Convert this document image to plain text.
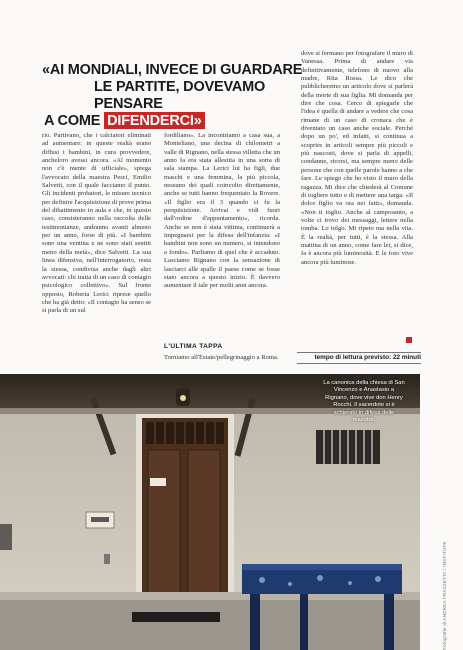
«AI MONDIALI, INVECE DI GUARDARE
LE PARTITE, DOVEVAMO PENSARE
A COME DIFENDERCI»

rio. Partivano, che i calciatori eliminati ad aumentare: in queste realtà erano diffusi i bambini, in cura provvedere, ancheloro avessi ancora. «Al momento non c'è niente di ufficiale», spiega l'avvocato della maestra Pesci, Emilio Salvetti, con il quale facciamo il punto. Gli incidenti probatori, le misure tecnico per definire l'acquisizione di prove prima del dibattimento in aula e che, in questo caso, consisteranno nella raccolta delle testimonianze, andranno avanti almeno per un anno, forse di più. «I bambini sono una ventina e ne sono stati sentiti meno della metà», dice Salvetti. La sua linea difensiva, nell'interrogatorio, resta la stessa, condivisa anche dagli altri avvocati: chi tratta di un caso di contagio psicologico collettivo». Sul fronte opposto, Roberta Lerici riprese quello che ha già detto: «Il contagio ha senso se si parla di un sul

fordiliano». La incontriamo a casa sua, a Monteliano, una decina di chilometri a valle di Rignano, nella stessa villetta che un anno fa era stata allestita in una sorta di sala stampa. La Lerici lui ha figli, due maschi e una femmina, la più piccola, nessuno dei quali coinvolto direttamente, anche se tutti hanno frequentato la Rovere. «Il figlio era il 3 quando ci fu la perquisizione. Arrivai e vidi fuori dall'ordine d'appuntamento», ricorda. Anche se non è stata vittima, continuerà a impegnarsi per la difesa dell'infanzia: «I bambini non sono un numero, si intendono a fondo». Parliamo di quel che è accaduto. Lasciamo Rignano con la sensazione di lasciarci alle spalle il paese come se fosse stato ancora a questo inizio. È davvero aumentare il tale per molti anni ancora.

L'ULTIMA TAPPA

Torniamo all'Estate/pellegrinaggio a Roma.

dove si fermano per fotografare il muro di Vanessa. Prima di andare via definitivamente, telefono di nuovo alla madre, Rita Rossa. Le dico che pubblicheremo un articolo dove si parlerà della morte di sua figlia. Mi domanda per dire che cosa. Cerco di spiegarle che l'idea è quella di andare a vedere che cosa rimane di un caso di cronaca che è diventato un caso anche sociale. Perché dopo un po', ed infatti, si continua a scoprire in articoli sempre più piccoli e più nascosti, dove si parla di appelli, condanne, ricorsi, ma sempre meno delle persone che con quelle parole hanno a che fare. Le spiego che ho visto il muro della ragazza. Mi dice che chiederà al Comune di togliere tutto e di mettere una targa. «Il dolce figlio va ora nei fatti», domanda. «Non ti toglio. Anche al camposanto, a volte ci trovo dei messaggi, lettere nella tomba. Lo tolgo. Mi ripeto ma nella vita. È la realtà, per tutti, è la stessa. Alla mattina di un anno, come fare lei, si dice, fa è ancora più luminosità. E le foto vive ancora più luminose.

tempo di lettura previsto: 22 minuti
La canonica della chiesa di San Vincenzo e Anastasio a Rignano, dove vive don Henry Rocchi. Il sacerdote si è schierato in difesa delle maestre.
Fotografie di ANDREA FRAZZETTA / INSTITUTE
